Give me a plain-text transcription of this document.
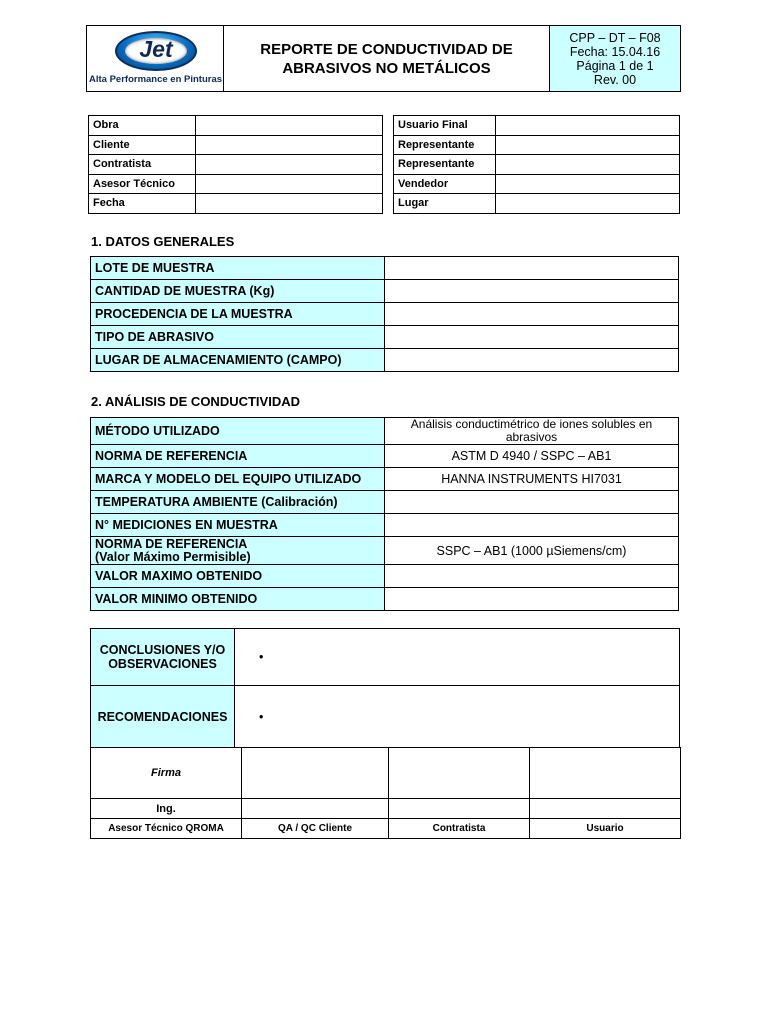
Jet
Alta Performance en Pinturas

REPORTE DE CONDUCTIVIDAD DE
ABRASIVOS NO METÁLICOS

CPP – DT – F08
Fecha: 15.04.16
Página 1 de 1
Rev. 00
Obra	
Cliente	
Contratista	
Asesor Técnico	
Fecha	
Usuario Final	
Representante	
Representante	
Vendedor	
Lugar	
1. DATOS GENERALES
LOTE DE MUESTRA	
CANTIDAD DE MUESTRA (Kg)	
PROCEDENCIA DE LA MUESTRA	
TIPO DE ABRASIVO	
LUGAR DE ALMACENAMIENTO (CAMPO)	
2. ANÁLISIS DE CONDUCTIVIDAD
MÉTODO UTILIZADO	Análisis conductimétrico de iones solubles en abrasivos
NORMA DE REFERENCIA	ASTM D 4940 / SSPC – AB1
MARCA Y MODELO DEL EQUIPO UTILIZADO	HANNA INSTRUMENTS HI7031
TEMPERATURA AMBIENTE (Calibración)	
N° MEDICIONES EN MUESTRA	

NORMA DE REFERENCIA
(Valor Máximo Permisible)	SSPC – AB1 (1000 µSiemens/cm)
VALOR MAXIMO OBTENIDO	
VALOR MINIMO OBTENIDO	
CONCLUSIONES Y/O OBSERVACIONES	•
RECOMENDACIONES	•
Firma			
Ing.			
Asesor Técnico QROMA	QA / QC Cliente	Contratista	Usuario
